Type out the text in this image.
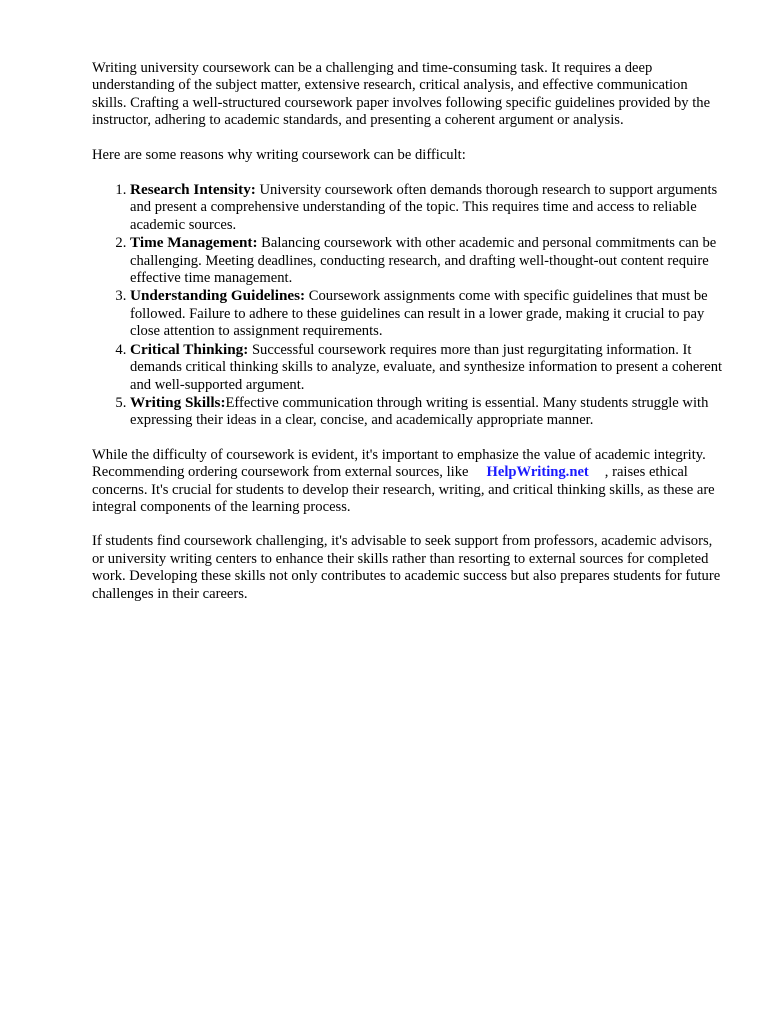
Writing university coursework can be a challenging and time-consuming task. It requires a deep understanding of the subject matter, extensive research, critical analysis, and effective communication skills. Crafting a well-structured coursework paper involves following specific guidelines provided by the instructor, adhering to academic standards, and presenting a coherent argument or analysis.

Here are some reasons why writing coursework can be difficult:

1. Research Intensity: University coursework often demands thorough research to support arguments and present a comprehensive understanding of the topic. This requires time and access to reliable academic sources.
2. Time Management: Balancing coursework with other academic and personal commitments can be challenging. Meeting deadlines, conducting research, and drafting well-thought-out content require effective time management.
3. Understanding Guidelines: Coursework assignments come with specific guidelines that must be followed. Failure to adhere to these guidelines can result in a lower grade, making it crucial to pay close attention to assignment requirements.
4. Critical Thinking: Successful coursework requires more than just regurgitating information. It demands critical thinking skills to analyze, evaluate, and synthesize information to present a coherent and well-supported argument.
5. Writing Skills:Effective communication through writing is essential. Many students struggle with expressing their ideas in a clear, concise, and academically appropriate manner.

While the difficulty of coursework is evident, it's important to emphasize the value of academic integrity. Recommending ordering coursework from external sources, like HelpWriting.net , raises ethical concerns. It's crucial for students to develop their research, writing, and critical thinking skills, as these are integral components of the learning process.

If students find coursework challenging, it's advisable to seek support from professors, academic advisors, or university writing centers to enhance their skills rather than resorting to external sources for completed work. Developing these skills not only contributes to academic success but also prepares students for future challenges in their careers.
